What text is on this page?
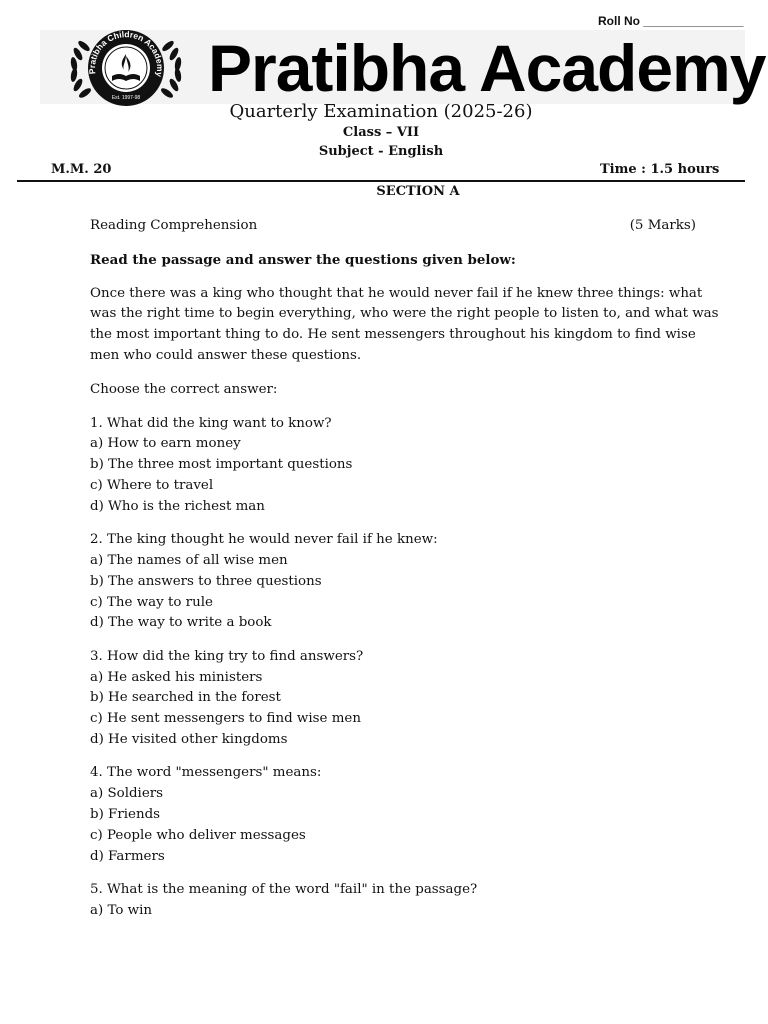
Roll No _______________
Pratibha Children Academy
Est. 1997-98 Pratibha Academy
Quarterly Examination (2025-26)
Class – VII
Subject - English
M.M. 20	Time : 1.5 hours
SECTION A

Reading Comprehension	(5 Marks)

Read the passage and answer the questions given below:

Once there was a king who thought that he would never fail if he knew three things: what was the right time to begin everything, who were the right people to listen to, and what was the most important thing to do. He sent messengers throughout his kingdom to find wise men who could answer these questions.

Choose the correct answer:

1. What did the king want to know?
a) How to earn money
b) The three most important questions
c) Where to travel
d) Who is the richest man
2. The king thought he would never fail if he knew:
a) The names of all wise men
b) The answers to three questions
c) The way to rule
d) The way to write a book
3. How did the king try to find answers?
a) He asked his ministers
b) He searched in the forest
c) He sent messengers to find wise men
d) He visited other kingdoms
4. The word "messengers" means:
a) Soldiers
b) Friends
c) People who deliver messages
d) Farmers
5. What is the meaning of the word "fail" in the passage?
a) To win
